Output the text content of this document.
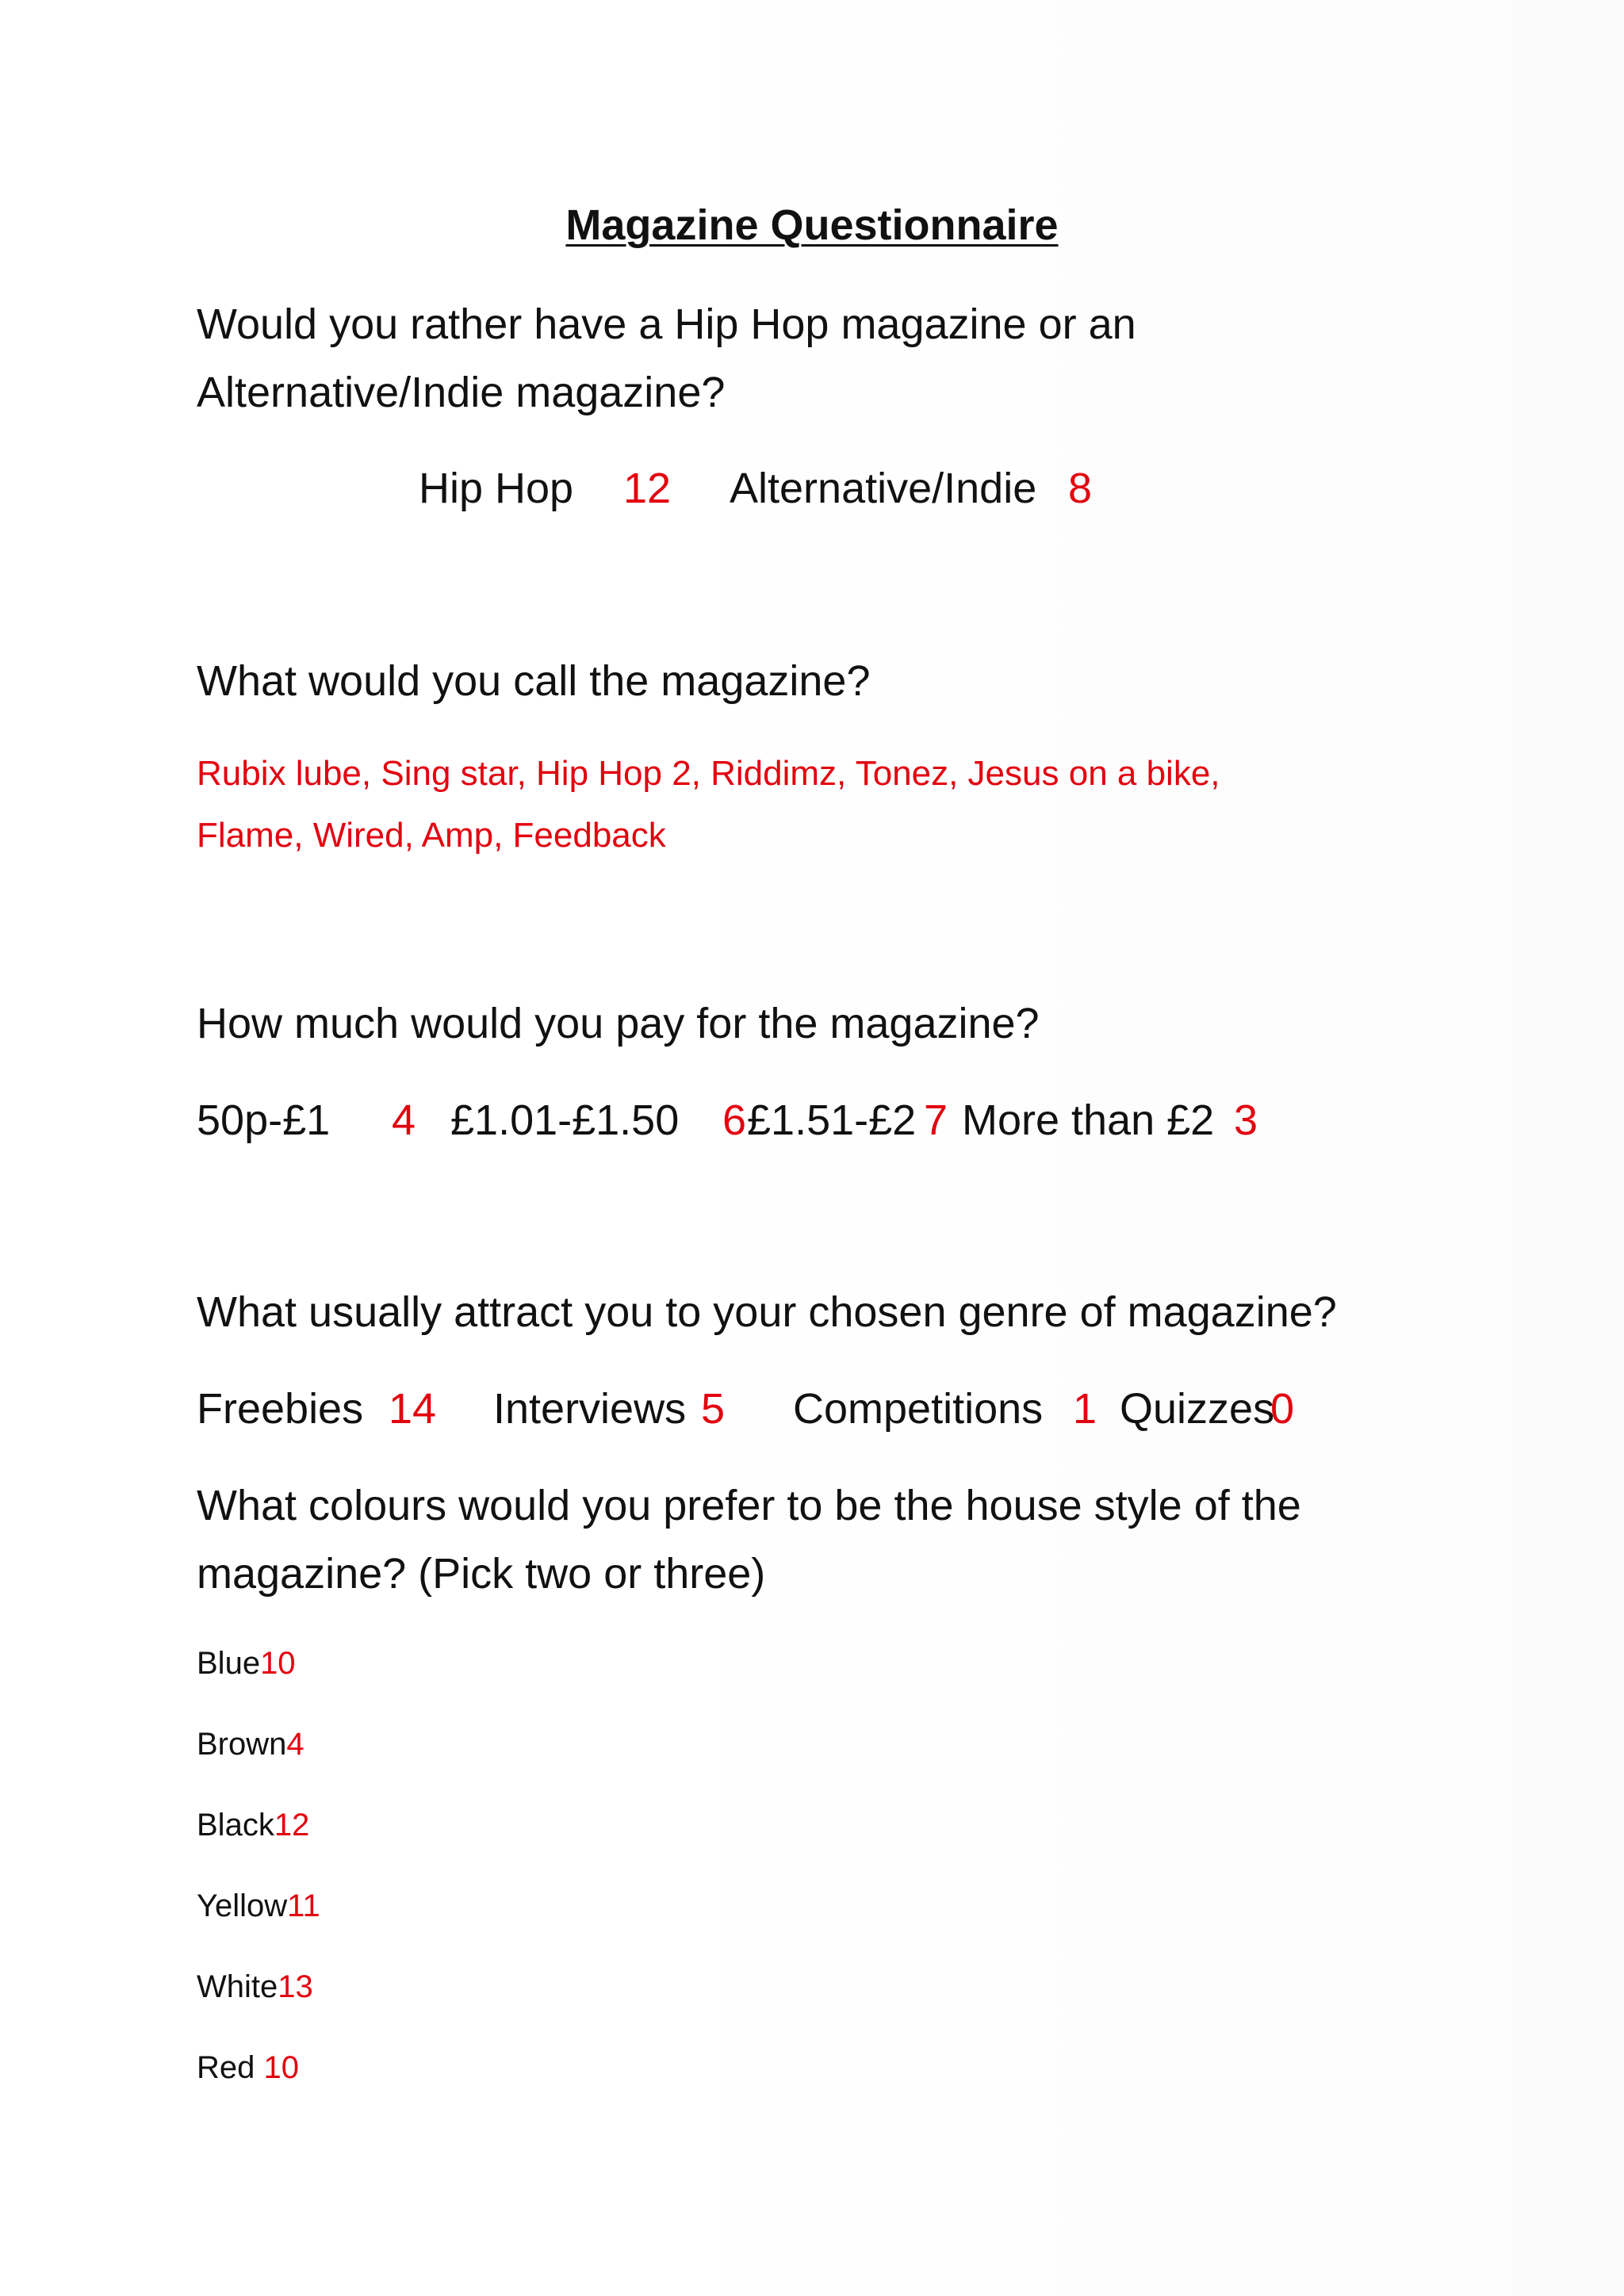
Magazine Questionnaire
Would you rather have a Hip Hop magazine or an
Alternative/Indie magazine?
Hip Hop 12 Alternative/Indie 8
What would you call the magazine?
Rubix lube, Sing star, Hip Hop 2, Riddimz, Tonez, Jesus on a bike,
Flame, Wired, Amp, Feedback
How much would you pay for the magazine?
50p-£1 4 £1.01-£1.50 6 £1.51-£2 7 More than £2 3
What usually attract you to your chosen genre of magazine?
Freebies 14 Interviews 5 Competitions 1 Quizzes
0
What colours would you prefer to be the house style of the
magazine? (Pick two or three)
Blue10
Brown4
Black12
Yellow11
White13
Red 10
